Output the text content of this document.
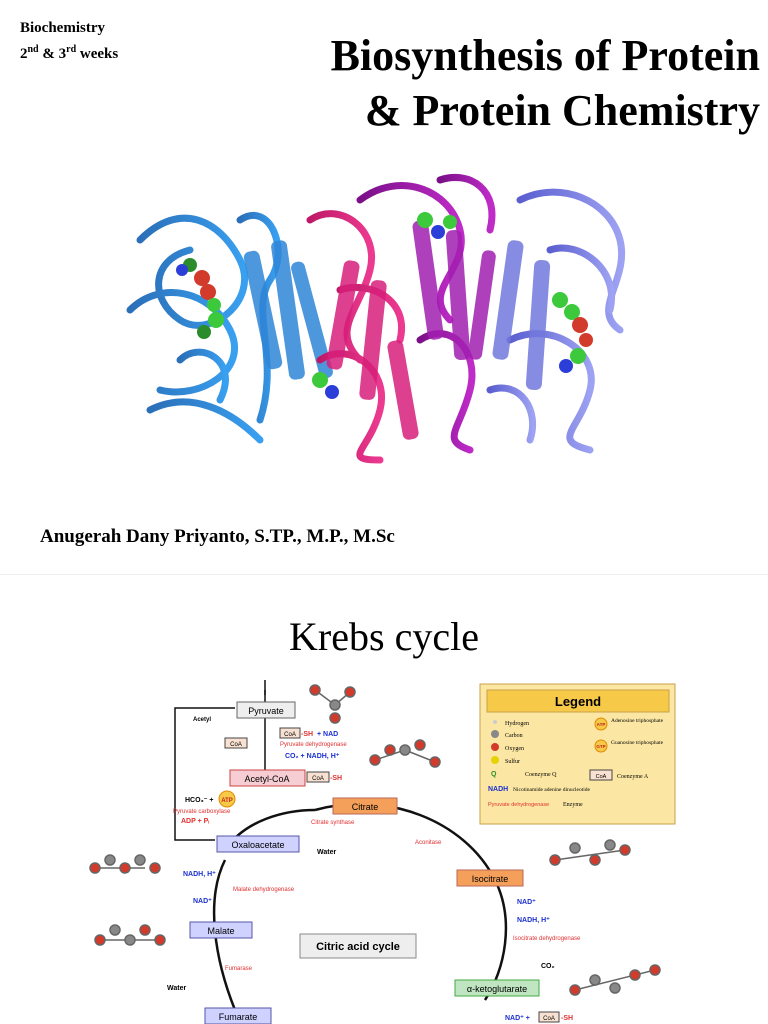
Biochemistry
2nd & 3rd weeks	Biosynthesis of Protein
& Protein Chemistry
Anugerah Dany Priyanto, S.TP., M.P., M.Sc
Krebs cycle
Pyruvate
Acetyl-CoA
Citrate
Oxaloacetate
Isocitrate
Malate
α-ketoglutarate
Fumarate
Citric acid cycle
Acetyl
CoA
CoA -SH + NAD
Pyruvate dehydrogenase
CO₂ + NADH, H⁺
CoA -SH
HCO₃⁻ + ATP
Pyruvate carboxylase
ADP + Pᵢ	Citrate synthase
Water
Aconitase
NADH, H⁺
NAD⁺
Malate dehydrogenase
Fumarase
Water
NAD⁺
NADH, H⁺
Isocitrate dehydrogenase
CO₂
NAD⁺ + CoA -SH
Legend
Hydrogen
Carbon
Oxygen
Sulfur
Q	Coenzyme Q
NADH Nicotinamide adenine dinucleotide
Pyruvate dehydrogenase Enzyme
ATP
Adenosine triphosphate
GTP
Guanosine triphosphate
CoA Coenzyme A
